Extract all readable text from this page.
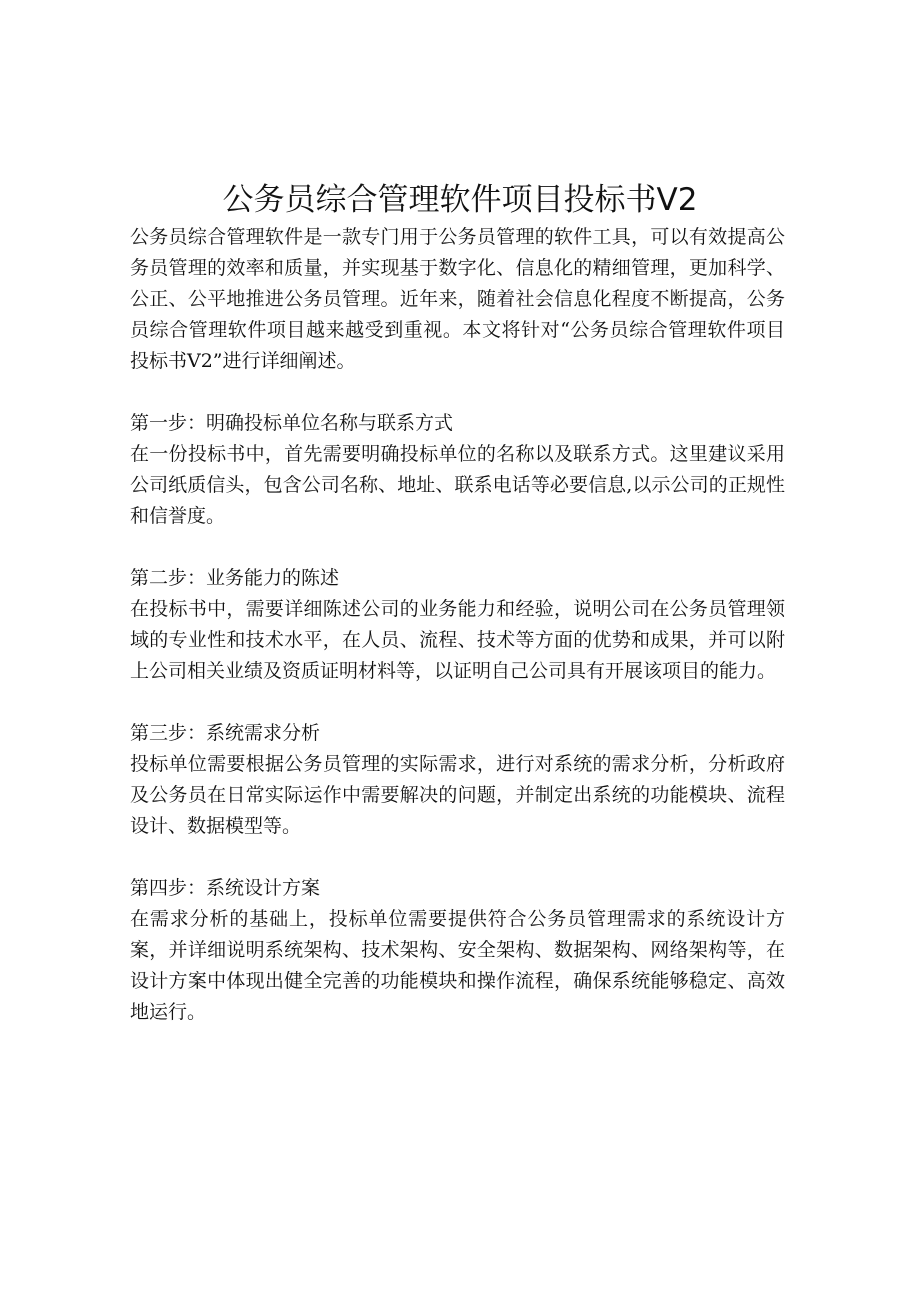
公务员综合管理软件项目投标书V2

公务员综合管理软件是一款专门用于公务员管理的软件工具，可以有效提高公务员管理的效率和质量，并实现基于数字化、信息化的精细管理，更加科学、公正、公平地推进公务员管理。近年来，随着社会信息化程度不断提高，公务员综合管理软件项目越来越受到重视。本文将针对“公务员综合管理软件项目投标书V2”进行详细阐述。

第一步：明确投标单位名称与联系方式

在一份投标书中，首先需要明确投标单位的名称以及联系方式。这里建议采用公司纸质信头，包含公司名称、地址、联系电话等必要信息,以示公司的正规性和信誉度。

第二步：业务能力的陈述

在投标书中，需要详细陈述公司的业务能力和经验，说明公司在公务员管理领域的专业性和技术水平，在人员、流程、技术等方面的优势和成果，并可以附上公司相关业绩及资质证明材料等，以证明自己公司具有开展该项目的能力。

第三步：系统需求分析

投标单位需要根据公务员管理的实际需求，进行对系统的需求分析，分析政府及公务员在日常实际运作中需要解决的问题，并制定出系统的功能模块、流程设计、数据模型等。

第四步：系统设计方案

在需求分析的基础上，投标单位需要提供符合公务员管理需求的系统设计方案，并详细说明系统架构、技术架构、安全架构、数据架构、网络架构等，在设计方案中体现出健全完善的功能模块和操作流程，确保系统能够稳定、高效地运行。
